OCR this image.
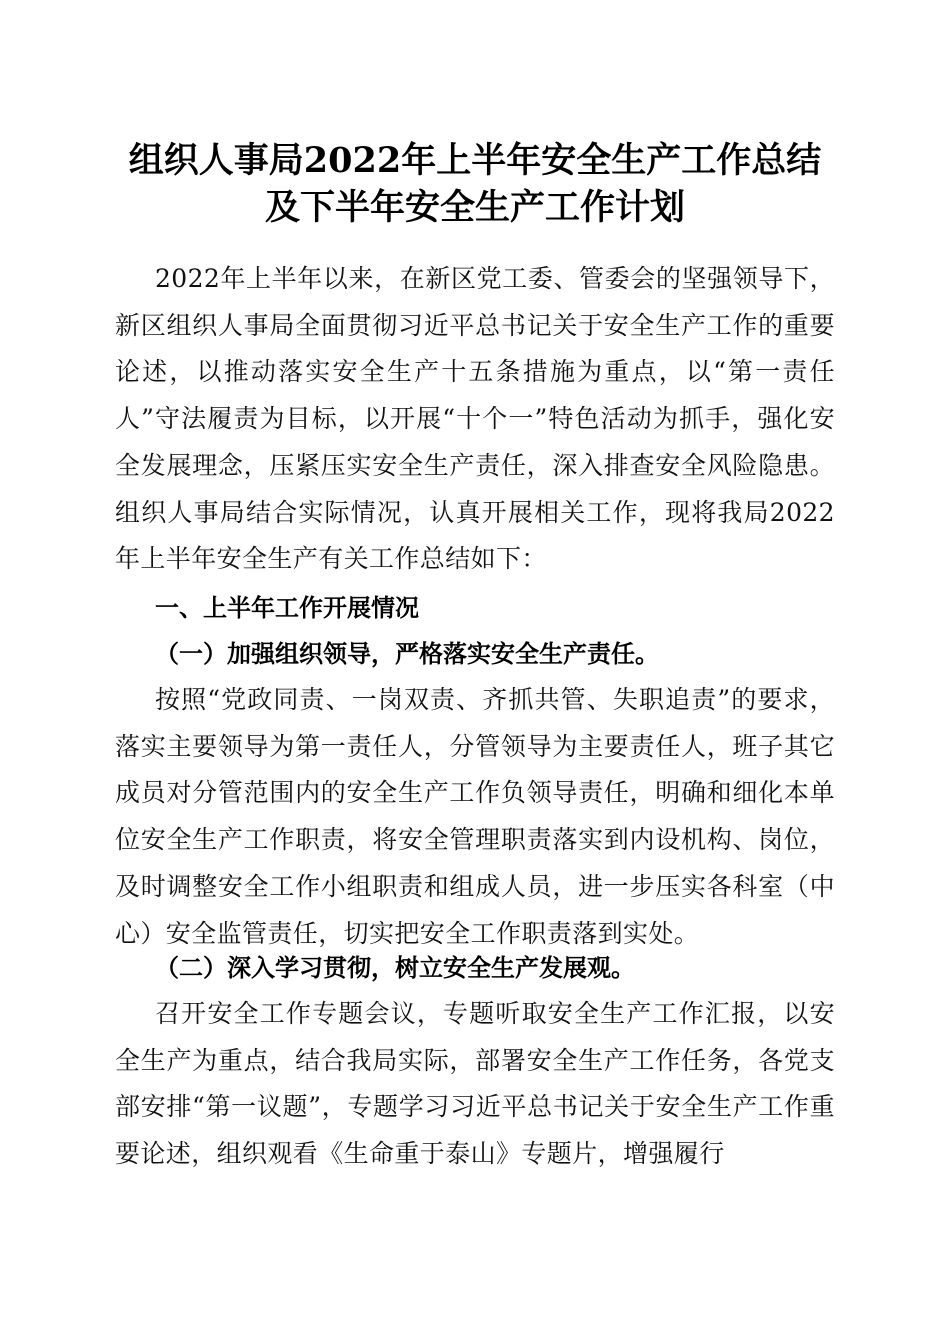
组织人事局2022年上半年安全生产工作总结
及下半年安全生产工作计划

2022年上半年以来，在新区党工委、管委会的坚强领导下，新区组织人事局全面贯彻习近平总书记关于安全生产工作的重要论述，以推动落实安全生产十五条措施为重点，以“第一责任人”守法履责为目标，以开展“十个一”特色活动为抓手，强化安全发展理念，压紧压实安全生产责任，深入排查安全风险隐患。组织人事局结合实际情况，认真开展相关工作，现将我局2022年上半年安全生产有关工作总结如下：

一、上半年工作开展情况
（一）加强组织领导，严格落实安全生产责任。

按照“党政同责、一岗双责、齐抓共管、失职追责”的要求，落实主要领导为第一责任人，分管领导为主要责任人，班子其它成员对分管范围内的安全生产工作负领导责任，明确和细化本单位安全生产工作职责，将安全管理职责落实到内设机构、岗位，及时调整安全工作小组职责和组成人员，进一步压实各科室（中心）安全监管责任，切实把安全工作职责落到实处。

（二）深入学习贯彻，树立安全生产发展观。

召开安全工作专题会议，专题听取安全生产工作汇报，以安全生产为重点，结合我局实际，部署安全生产工作任务，各党支部安排“第一议题”，专题学习习近平总书记关于安全生产工作重要论述，组织观看《生命重于泰山》专题片，增强履行
